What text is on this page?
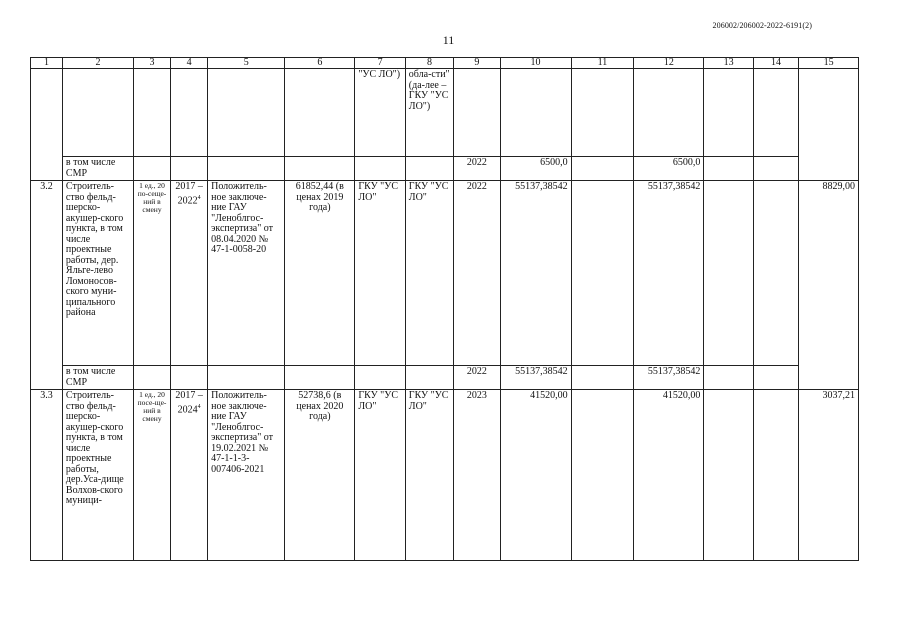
206002/206002-2022-6191(2)
11
1	2	3	4	5	6	7	8	9	10	11	12	13	14	15
						"УС ЛО")	обла-сти" (да-лее – ГКУ "УС ЛО")							
	в том числе СМР							2022	6500,0		6500,0			
3.2	Строитель-ство фельд-шерско-акушер-ского пункта, в том числе проектные работы, дер. Яльге-лево Ломоносов-ского муни-ципального района	1 ед., 20 по-сеще-ний в смену	2017 – 2022$^4$	Положитель-ное заключе-ние ГАУ "Леноблгос-экспертиза" от 08.04.2020 № 47-1-0058-20	61852,44 (в ценах 2019 года)	ГКУ "УС ЛО"	ГКУ "УС ЛО"	2022	55137,38542		55137,38542			8829,00
	в том числе СМР							2022	55137,38542		55137,38542			
3.3	Строитель-ство фельд-шерско-акушер-ского пункта, в том числе проектные работы, дер.Уса-дище Волхов-ского муници-	1 ед., 20 посе-ще-ний в смену	2017 – 2024$^4$	Положитель-ное заключе-ние ГАУ "Леноблгос-экспертиза" от 19.02.2021 № 47-1-1-3-007406-2021	52738,6 (в ценах 2020 года)	ГКУ "УС ЛО"	ГКУ "УС ЛО"	2023	41520,00		41520,00			3037,21
